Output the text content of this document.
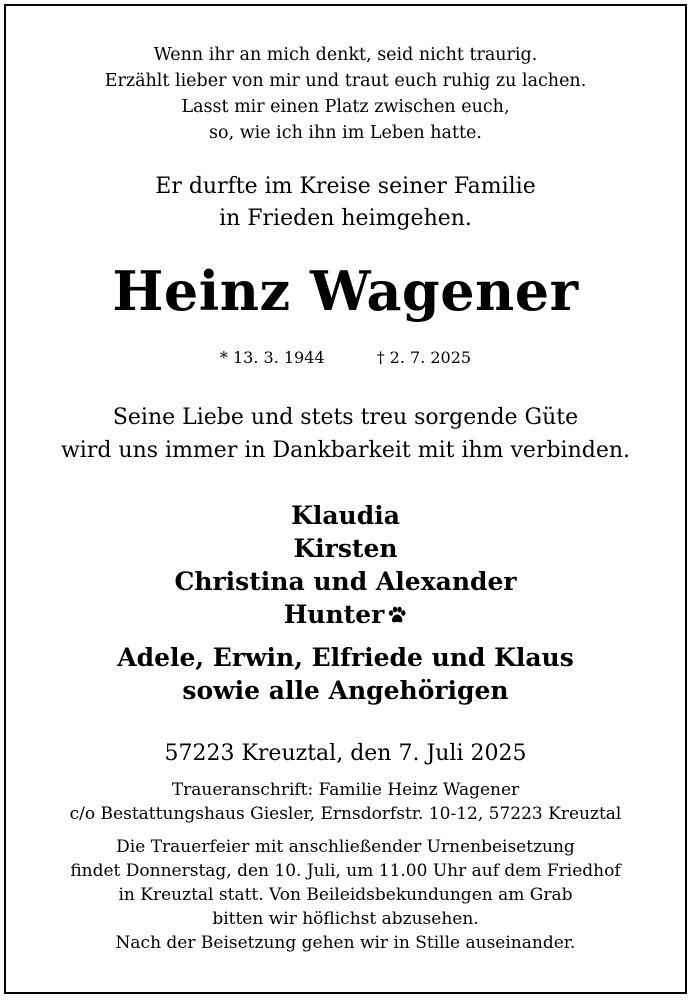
Wenn ihr an mich denkt, seid nicht traurig.
Erzählt lieber von mir und traut euch ruhig zu lachen.
Lasst mir einen Platz zwischen euch,
so, wie ich ihn im Leben hatte.
Er durfte im Kreise seiner Familie
in Frieden heimgehen.
Heinz Wagener
* 13. 3. 1944	† 2. 7. 2025
Seine Liebe und stets treu sorgende Güte
wird uns immer in Dankbarkeit mit ihm verbinden.
Klaudia
Kirsten
Christina und Alexander
Hunter
Adele, Erwin, Elfriede und Klaus
sowie alle Angehörigen
57223 Kreuztal, den 7. Juli 2025
Traueranschrift: Familie Heinz Wagener
c/o Bestattungshaus Giesler, Ernsdorfstr. 10-12, 57223 Kreuztal
Die Trauerfeier mit anschließender Urnenbeisetzung
findet Donnerstag, den 10. Juli, um 11.00 Uhr auf dem Friedhof
in Kreuztal statt. Von Beileidsbekundungen am Grab
bitten wir höflichst abzusehen.
Nach der Beisetzung gehen wir in Stille auseinander.
